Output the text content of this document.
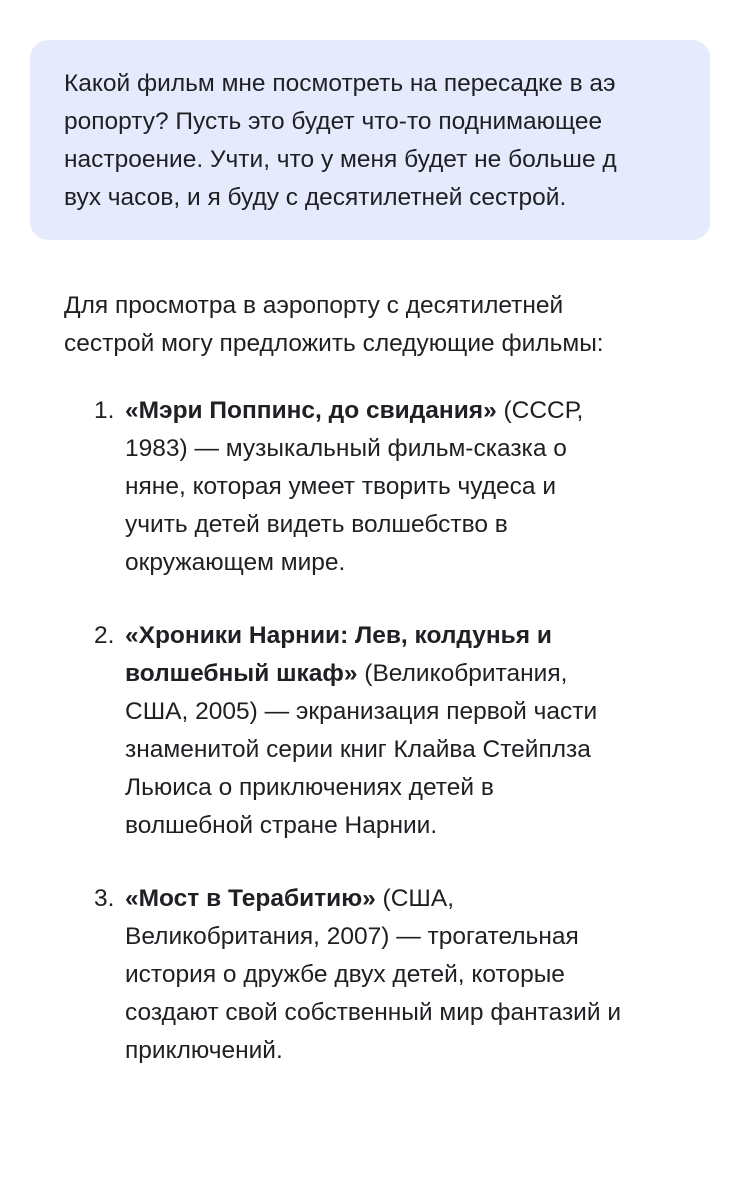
Какой фильм мне посмотреть на пересадке в аэ
ропорту? Пусть это будет что-то поднимающее
настроение. Учти, что у меня будет не больше д
вух часов, и я буду с десятилетней сестрой.
Для просмотра в аэропорту с десятилетней
сестрой могу предложить следующие фильмы:
1. «Мэри Поппинс, до свидания» (СССР,
1983) — музыкальный фильм-сказка о
няне, которая умеет творить чудеса и
учить детей видеть волшебство в
окружающем мире.
2. «Хроники Нарнии: Лев, колдунья и
волшебный шкаф» (Великобритания,
США, 2005) — экранизация первой части
знаменитой серии книг Клайва Стейплза
Льюиса о приключениях детей в
волшебной стране Нарнии.
3. «Мост в Терабитию» (США,
Великобритания, 2007) — трогательная
история о дружбе двух детей, которые
создают свой собственный мир фантазий и
приключений.
